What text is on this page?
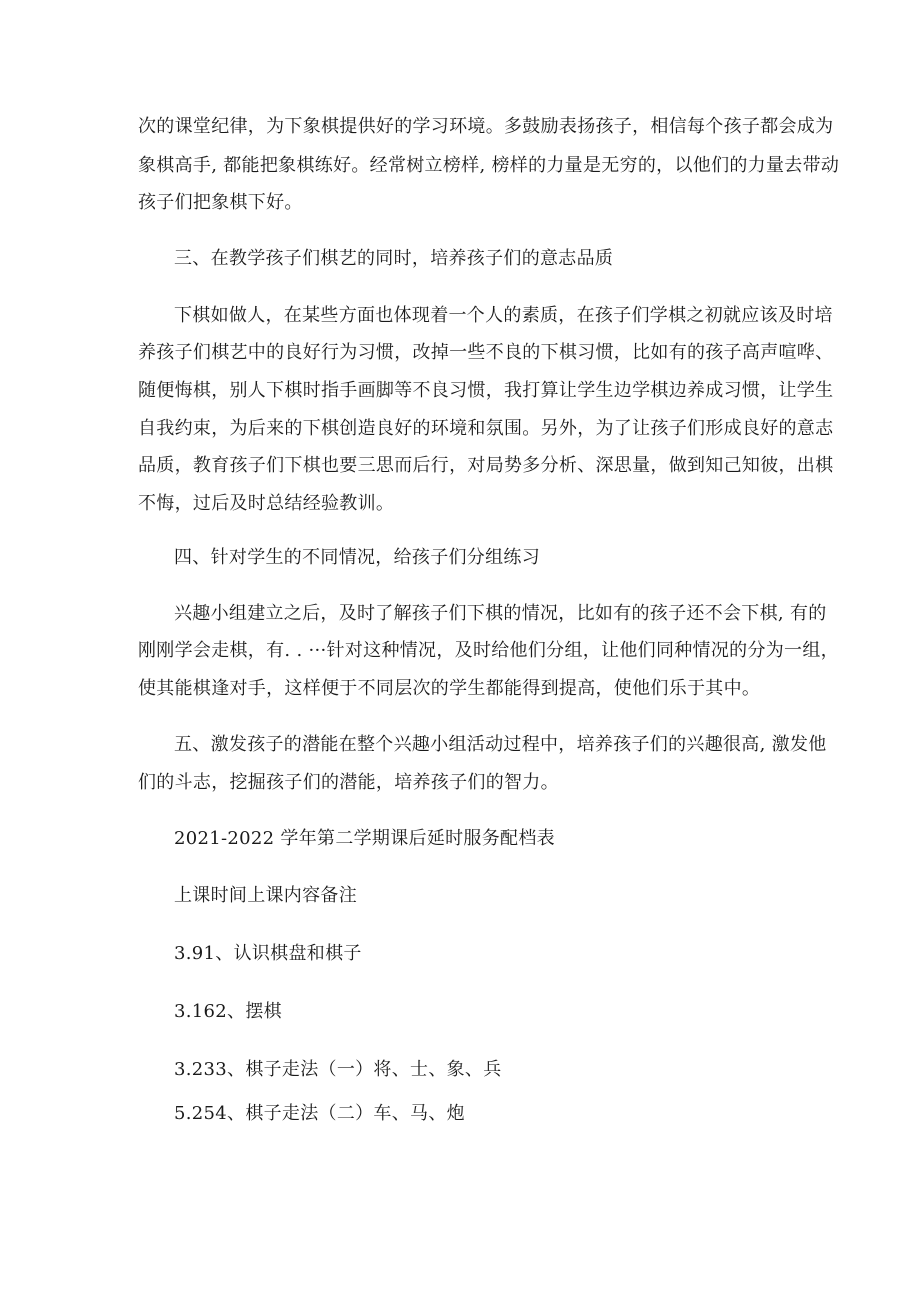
次的课堂纪律，为下象棋提供好的学习环境。多鼓励表扬孩子，相信每个孩子都会成为
象棋高手, 都能把象棋练好。经常树立榜样, 榜样的力量是无穷的，以他们的力量去带动
孩子们把象棋下好。
三、在教学孩子们棋艺的同时，培养孩子们的意志品质
下棋如做人，在某些方面也体现着一个人的素质，在孩子们学棋之初就应该及时培
养孩子们棋艺中的良好行为习惯，改掉一些不良的下棋习惯，比如有的孩子高声喧哗、
随便悔棋，别人下棋时指手画脚等不良习惯，我打算让学生边学棋边养成习惯，让学生
自我约束，为后来的下棋创造良好的环境和氛围。另外，为了让孩子们形成良好的意志
品质，教育孩子们下棋也要三思而后行，对局势多分析、深思量，做到知己知彼，出棋
不悔，过后及时总结经验教训。
四、针对学生的不同情况，给孩子们分组练习
兴趣小组建立之后，及时了解孩子们下棋的情况，比如有的孩子还不会下棋, 有的
刚刚学会走棋，有. . ···针对这种情况，及时给他们分组，让他们同种情况的分为一组，
使其能棋逢对手，这样便于不同层次的学生都能得到提高，使他们乐于其中。
五、激发孩子的潜能在整个兴趣小组活动过程中，培养孩子们的兴趣很高, 激发他
们的斗志，挖掘孩子们的潜能，培养孩子们的智力。
2021-2022 学年第二学期课后延时服务配档表
上课时间上课内容备注
3.91、认识棋盘和棋子
3.162、摆棋
3.233、棋子走法（一）将、士、象、兵
5.254、棋子走法（二）车、马、炮
